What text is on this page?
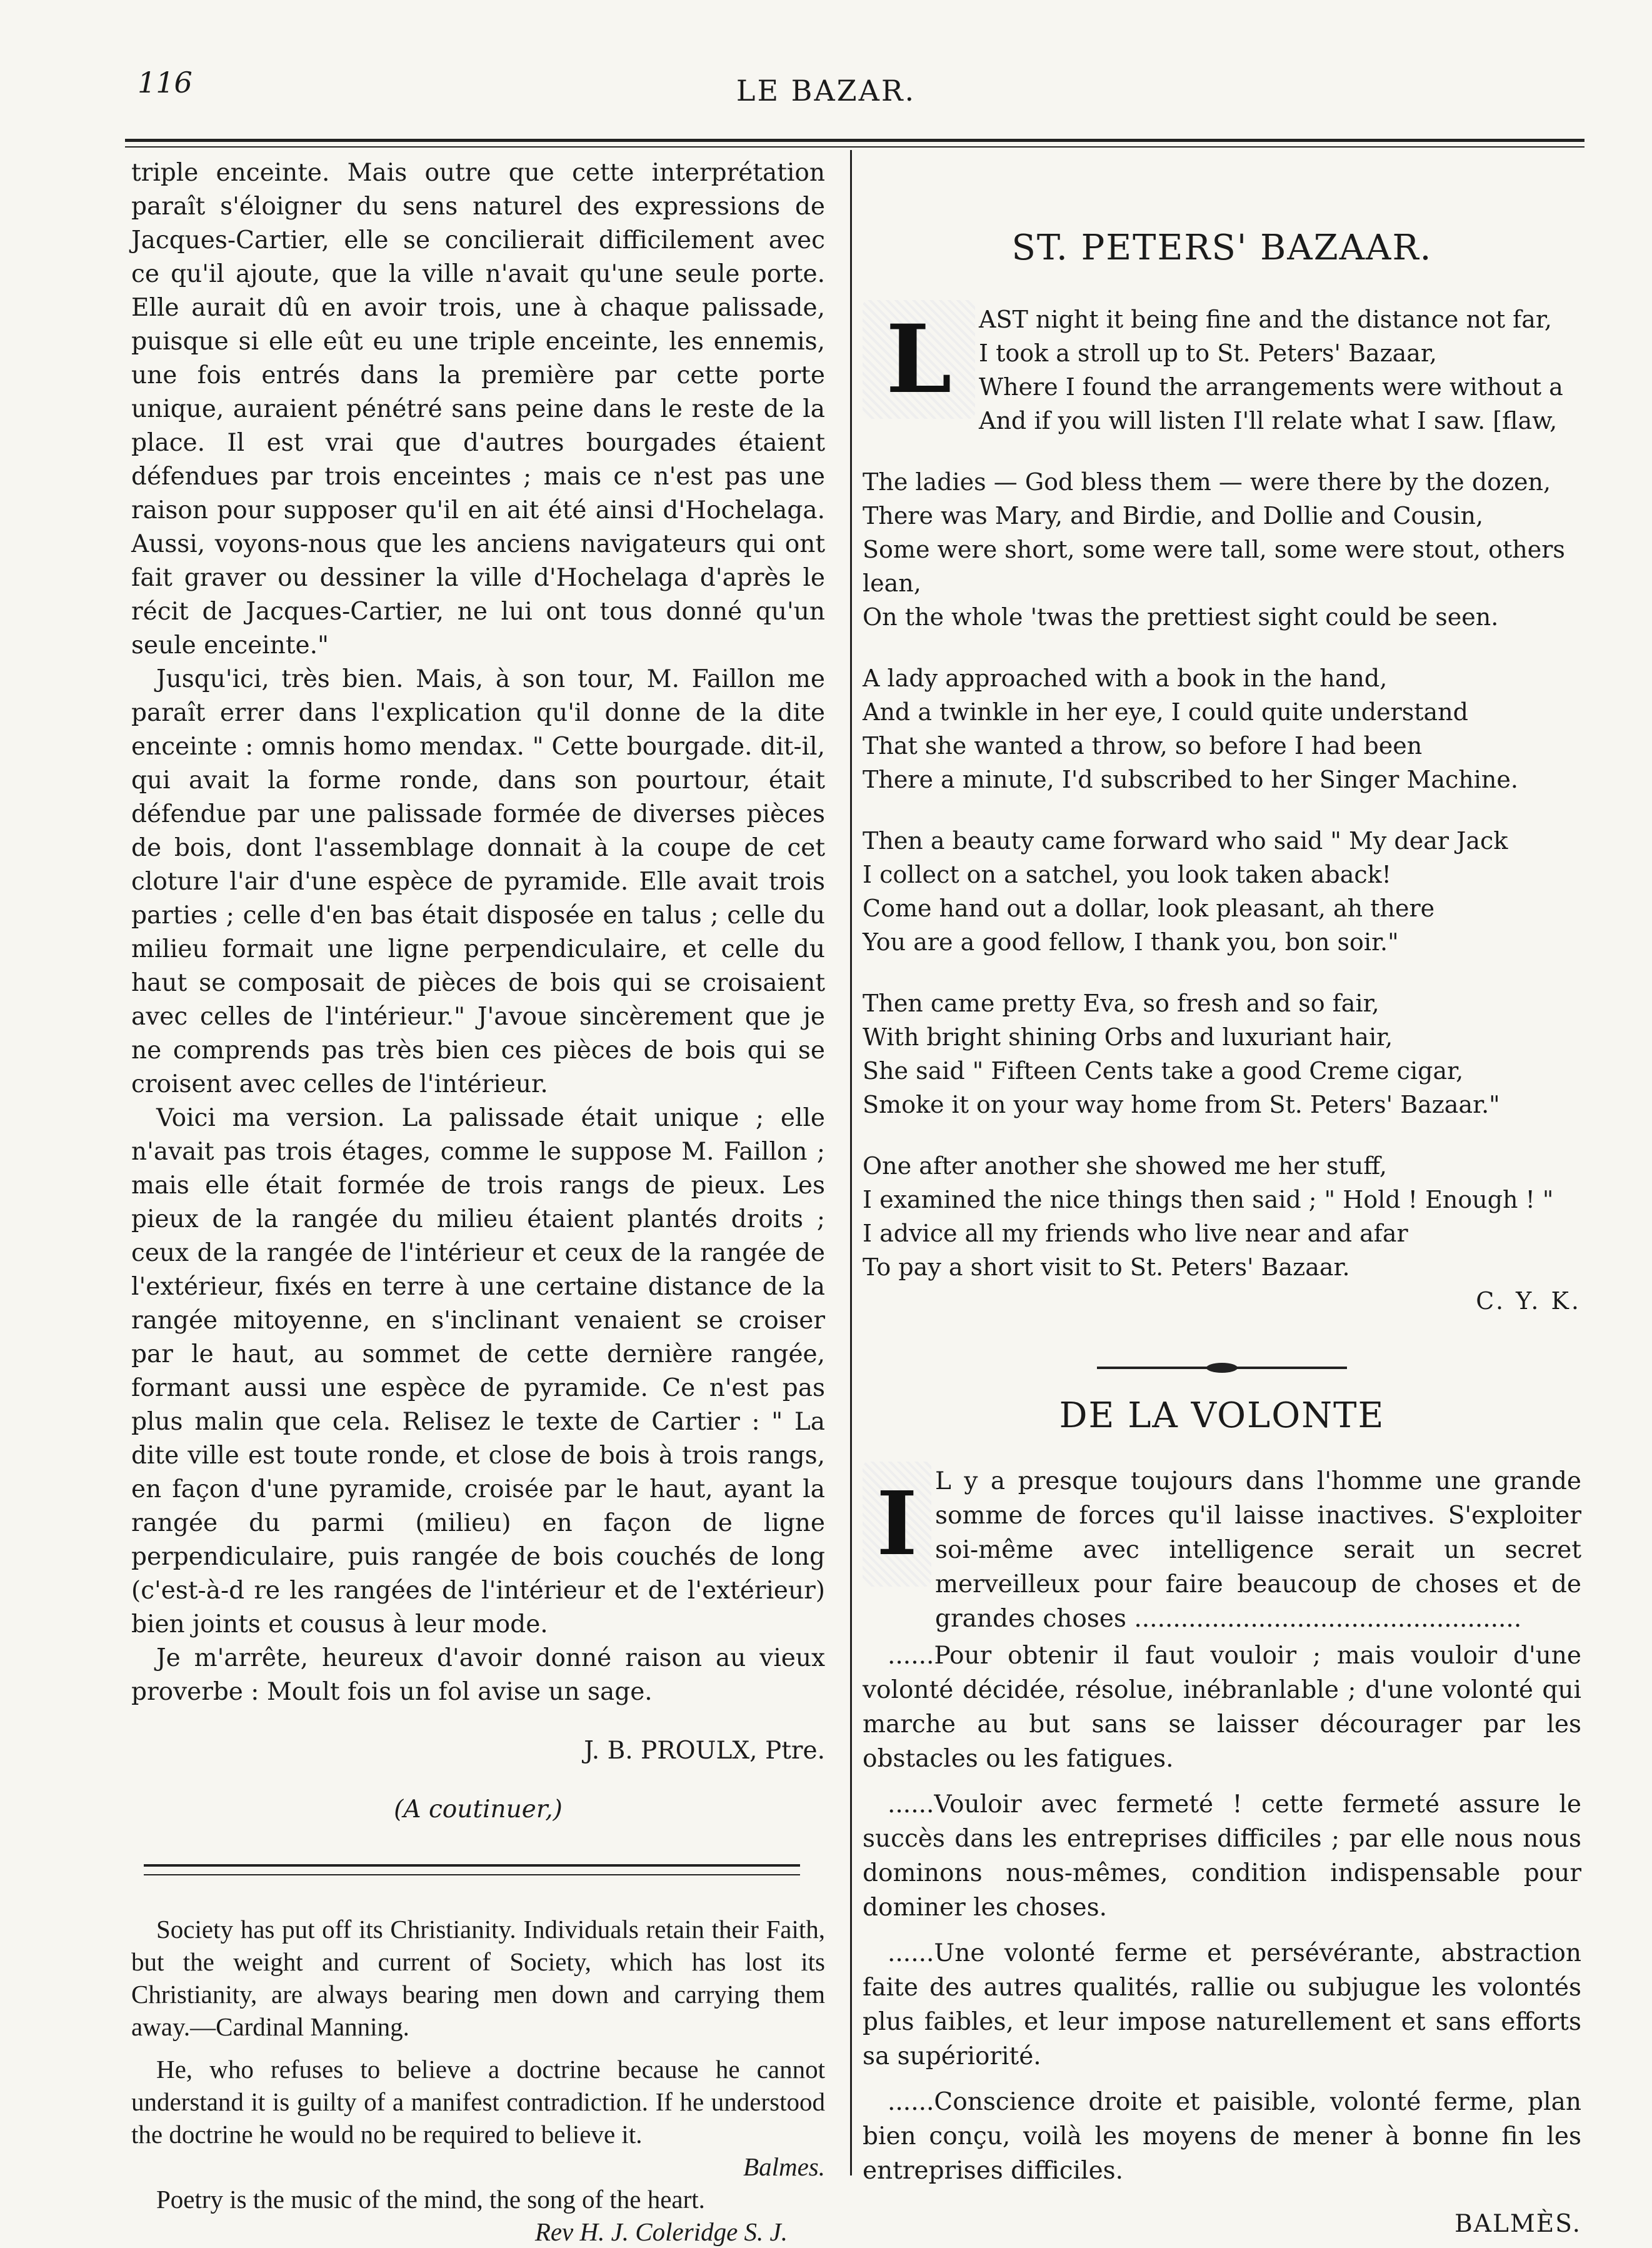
116	LE BAZAR.

triple enceinte. Mais outre que cette interprétation paraît s'éloigner du sens naturel des expressions de Jacques-Cartier, elle se concilierait difficilement avec ce qu'il ajoute, que la ville n'avait qu'une seule porte. Elle aurait dû en avoir trois, une à chaque palissade, puisque si elle eût eu une triple enceinte, les ennemis, une fois entrés dans la première par cette porte unique, auraient pénétré sans peine dans le reste de la place. Il est vrai que d'autres bourgades étaient défendues par trois enceintes ; mais ce n'est pas une raison pour supposer qu'il en ait été ainsi d'Hochelaga. Aussi, voyons-nous que les anciens navigateurs qui ont fait graver ou dessiner la ville d'Hochelaga d'après le récit de Jacques-Cartier, ne lui ont tous donné qu'un seule enceinte."

Jusqu'ici, très bien. Mais, à son tour, M. Faillon me paraît errer dans l'explication qu'il donne de la dite enceinte : omnis homo mendax. " Cette bourgade. dit-il, qui avait la forme ronde, dans son pourtour, était défendue par une palissade formée de diverses pièces de bois, dont l'assemblage donnait à la coupe de cet cloture l'air d'une espèce de pyramide. Elle avait trois parties ; celle d'en bas était disposée en talus ; celle du milieu formait une ligne perpendiculaire, et celle du haut se composait de pièces de bois qui se croisaient avec celles de l'intérieur." J'avoue sincèrement que je ne comprends pas très bien ces pièces de bois qui se croisent avec celles de l'intérieur.

Voici ma version. La palissade était unique ; elle n'avait pas trois étages, comme le suppose M. Faillon ; mais elle était formée de trois rangs de pieux. Les pieux de la rangée du milieu étaient plantés droits ; ceux de la rangée de l'intérieur et ceux de la rangée de l'extérieur, fixés en terre à une certaine distance de la rangée mitoyenne, en s'inclinant venaient se croiser par le haut, au sommet de cette dernière rangée, formant aussi une espèce de pyramide. Ce n'est pas plus malin que cela. Relisez le texte de Cartier : " La dite ville est toute ronde, et close de bois à trois rangs, en façon d'une pyramide, croisée par le haut, ayant la rangée du parmi (milieu) en façon de ligne perpendiculaire, puis rangée de bois couchés de long (c'est-à-d re les rangées de l'intérieur et de l'extérieur) bien joints et cousus à leur mode.

Je m'arrête, heureux d'avoir donné raison au vieux proverbe : Moult fois un fol avise un sage.

J. B. PROULX, Ptre.

(A coutinuer,)

Society has put off its Christianity. Individuals retain their Faith, but the weight and current of Society, which has lost its Christianity, are always bearing men down and carrying them away.—Cardinal Manning.

He, who refuses to believe a doctrine because he cannot understand it is guilty of a manifest contradiction. If he understood the doctrine he would no be required to believe it.

Balmes.

Poetry is the music of the mind, the song of the heart.

Rev H. J. Coleridge S. J.

ST. PETERS' BAZAAR.
L	AST night it being fine and the distance not far,
I took a stroll up to St. Peters' Bazaar,
Where I found the arrangements were without a
And if you will listen I'll relate what I saw. [flaw,
The ladies — God bless them — were there by the dozen,
There was Mary, and Birdie, and Dollie and Cousin,
Some were short, some were tall, some were stout, others lean,
On the whole 'twas the prettiest sight could be seen.
A lady approached with a book in the hand,
And a twinkle in her eye, I could quite understand
That she wanted a throw, so before I had been
There a minute, I'd subscribed to her Singer Machine.
Then a beauty came forward who said " My dear Jack
I collect on a satchel, you look taken aback!
Come hand out a dollar, look pleasant, ah there
You are a good fellow, I thank you, bon soir."
Then came pretty Eva, so fresh and so fair,
With bright shining Orbs and luxuriant hair,
She said " Fifteen Cents take a good Creme cigar,
Smoke it on your way home from St. Peters' Bazaar."
One after another she showed me her stuff,
I examined the nice things then said ; " Hold ! Enough ! "
I advice all my friends who live near and afar
To pay a short visit to St. Peters' Bazaar.

C. Y. K.

DE LA VOLONTE
I L y a presque toujours dans l'homme une grande somme de forces qu'il laisse inactives. S'exploiter soi-même avec intelligence serait un secret merveilleux pour faire beaucoup de choses et de grandes choses ..................................................

......Pour obtenir il faut vouloir ; mais vouloir d'une volonté décidée, résolue, inébranlable ; d'une volonté qui marche au but sans se laisser décourager par les obstacles ou les fatigues.

......Vouloir avec fermeté ! cette fermeté assure le succès dans les entreprises difficiles ; par elle nous nous dominons nous-mêmes, condition indispensable pour dominer les choses.

......Une volonté ferme et persévérante, abstraction faite des autres qualités, rallie ou subjugue les volontés plus faibles, et leur impose naturellement et sans efforts sa supériorité.

......Conscience droite et paisible, volonté ferme, plan bien conçu, voilà les moyens de mener à bonne fin les entreprises difficiles.

BALMÈS.
